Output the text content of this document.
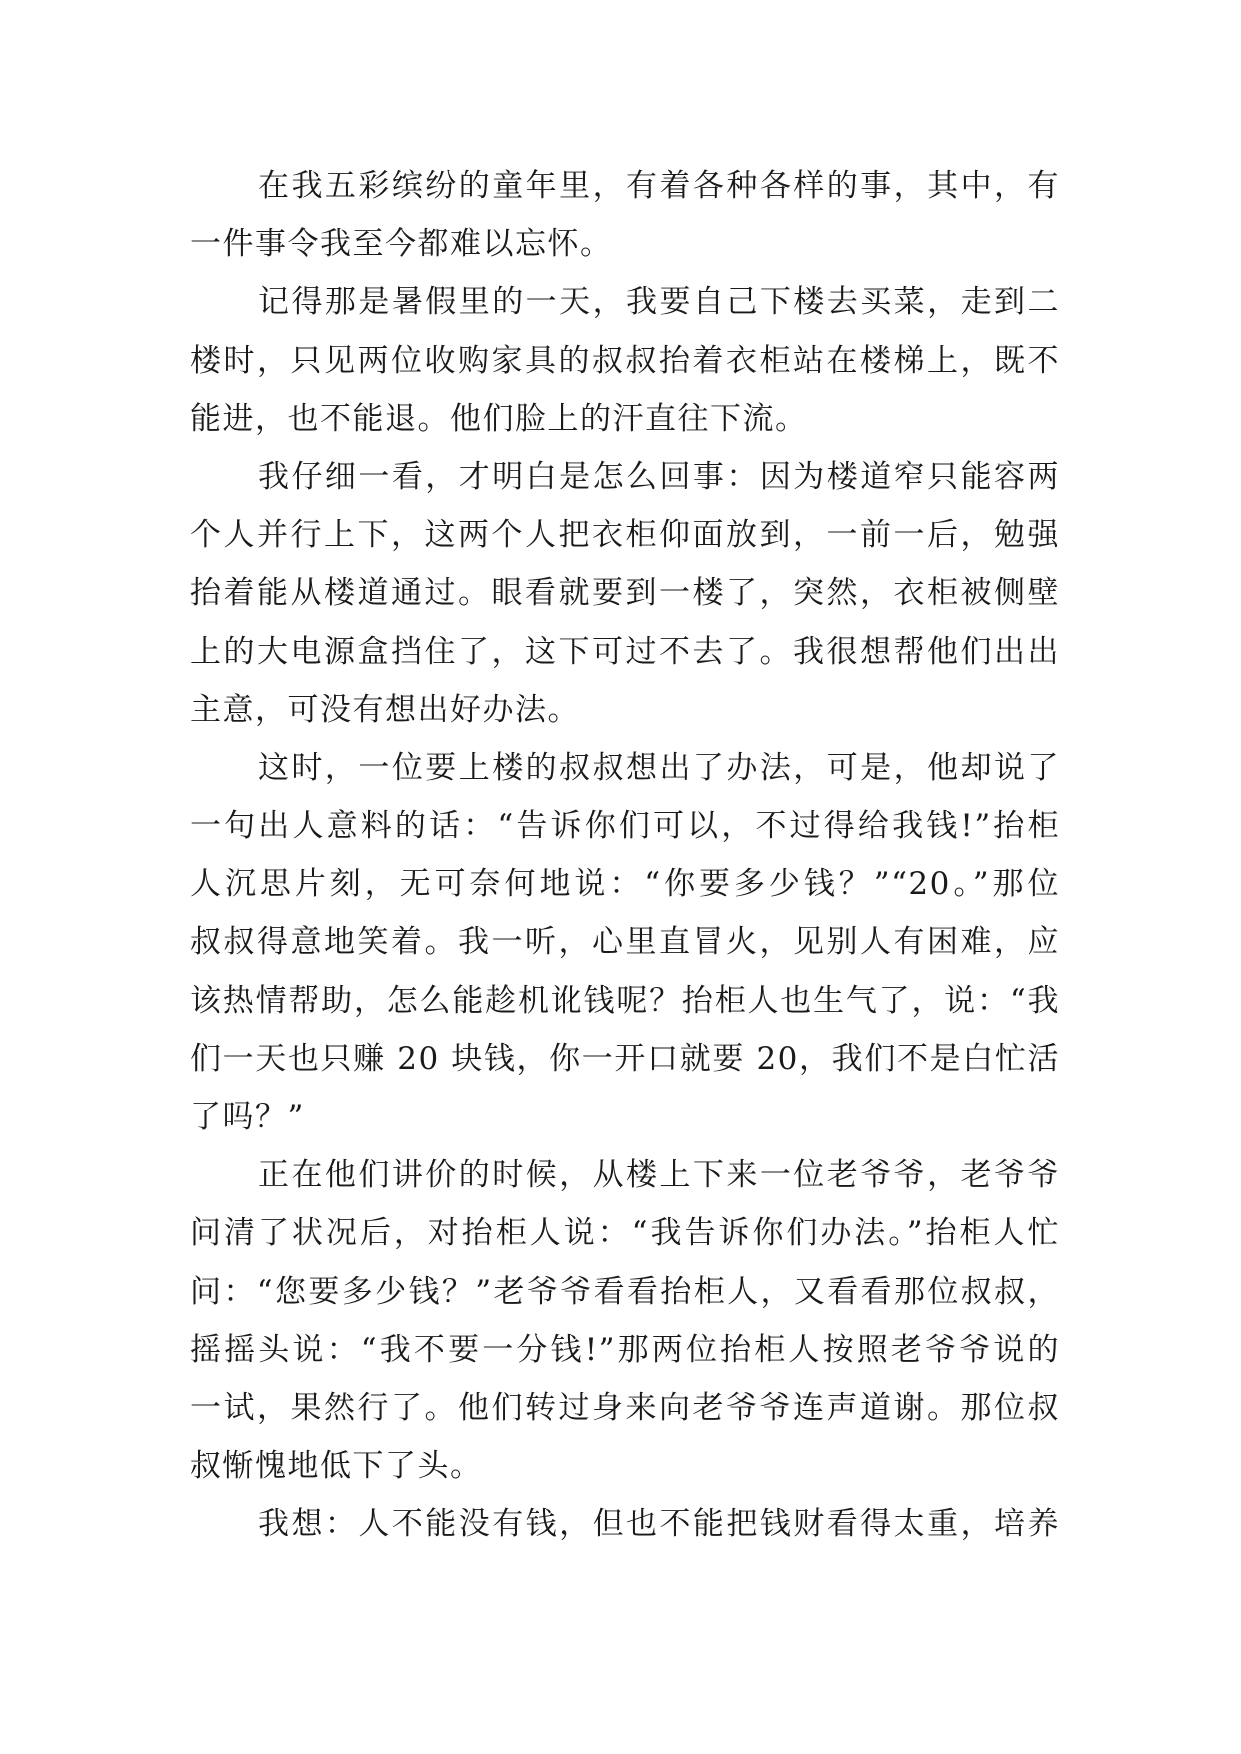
在我五彩缤纷的童年里，有着各种各样的事，其中，有
一件事令我至今都难以忘怀。
记得那是暑假里的一天，我要自己下楼去买菜，走到二
楼时，只见两位收购家具的叔叔抬着衣柜站在楼梯上，既不
能进，也不能退。他们脸上的汗直往下流。
我仔细一看，才明白是怎么回事：因为楼道窄只能容两
个人并行上下，这两个人把衣柜仰面放到，一前一后，勉强
抬着能从楼道通过。眼看就要到一楼了，突然，衣柜被侧壁
上的大电源盒挡住了，这下可过不去了。我很想帮他们出出
主意，可没有想出好办法。
这时，一位要上楼的叔叔想出了办法，可是，他却说了
一句出人意料的话：“告诉你们可以，不过得给我钱!”抬柜
人沉思片刻，无可奈何地说：“你要多少钱？”“20。”那位
叔叔得意地笑着。我一听，心里直冒火，见别人有困难，应
该热情帮助，怎么能趁机讹钱呢？抬柜人也生气了，说：“我
们一天也只赚 20 块钱，你一开口就要 20，我们不是白忙活
了吗？”
正在他们讲价的时候，从楼上下来一位老爷爷，老爷爷
问清了状况后，对抬柜人说：“我告诉你们办法。”抬柜人忙
问：“您要多少钱？”老爷爷看看抬柜人，又看看那位叔叔，
摇摇头说：“我不要一分钱!”那两位抬柜人按照老爷爷说的
一试，果然行了。他们转过身来向老爷爷连声道谢。那位叔
叔惭愧地低下了头。
我想：人不能没有钱，但也不能把钱财看得太重，培养
